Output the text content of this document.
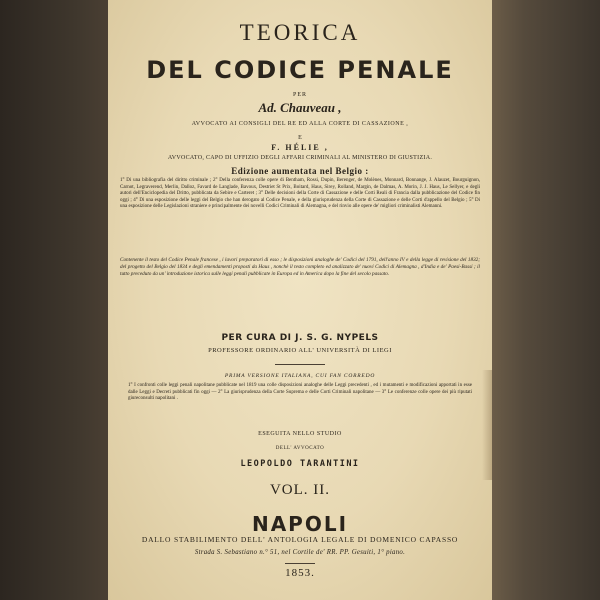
TEORICA
DEL CODICE PENALE
PER
Ad. Chauveau ,
AVVOCATO AI CONSIGLI DEL RE ED ALLA CORTE DI CASSAZIONE ,
E
F. HÉLIE ,
AVVOCATO, CAPO DI UFFIZIO DEGLI AFFARI CRIMINALI AL MINISTERO DI GIUSTIZIA.
Edizione aumentata nel Belgio :
1° Di una bibliografia del diritto criminale ; 2° Della conferenza colle opere di Bentham, Rossi, Dupin, Berenger, de Molènes, Monnard, Bonnange, J. Alauzet, Bourguignon, Carnot, Legraverend, Merlin, Dalloz, Favard de Langlade, Bavoux, Destriet St Prix, Boitard, Haus, Sirey, Rolland, Margin, de Dalmas, A. Morin, J. J. Haus, Le Sellyer, e degli autori dell'Enciclopedia del Dritto, pubblicata da Sebire e Carteret ; 3° Delle decisioni della Corte di Cassazione e delle Corti Reali di Francia dalla pubblicazione del Codice fin oggi ; 4° Di una esposizione delle leggi del Belgio che han derogato al Codice Penale, e della giurisprudenza della Corte di Cassazione e delle Corti d'appello del Belgio ; 5° Di una esposizione delle Legislazioni straniere e principalmente dei novelli Codici Criminali di Alemagna, e del rinvio alle opere de' migliori criminalisti Alemanni.
Contenente il testo del Codice Penale francese , i lavori preparatori di esso ; le disposizioni analoghe de' Codici del 1791, dell'anno IV e della legge di revisione del 1832; del progetto del Belgio del 1834 e degli emendamenti proposti da Haus , nonchè il testo completo ed analizzato de' nuovi Codici di Alemagna , d'India e de' Paesi-Bassi ; il tutto preceduto da un' introduzione istorica sulle leggi penali pubblicate in Europa ed in America dopo la fine del secolo passato.
PER CURA DI J. S. G. NYPELS
PROFESSORE ORDINARIO ALL' UNIVERSITÀ DI LIEGI
PRIMA VERSIONE ITALIANA, CUI FAN CORREDO
1° I confronti colle leggi penali napolitane pubblicate nel 1819 una colle disposizioni analoghe delle Leggi precedenti , ed i mutamenti e modificazioni apportati in esse dalle Leggi e Decreti pubblicati fin oggi — 2° La giurisprudenza della Corte Suprema e delle Corti Criminali napolitane — 3° Le conferenze colle opere dei più riputati giureconsulti napolitani .
ESEGUITA NELLO STUDIO
DELL' AVVOCATO
LEOPOLDO TARANTINI
VOL. II.
NAPOLI
DALLO STABILIMENTO DELL' ANTOLOGIA LEGALE DI DOMENICO CAPASSO
Strada S. Sebastiano n.° 51, nel Cortile de' RR. PP. Gesuiti, 1° piano.
1853.
